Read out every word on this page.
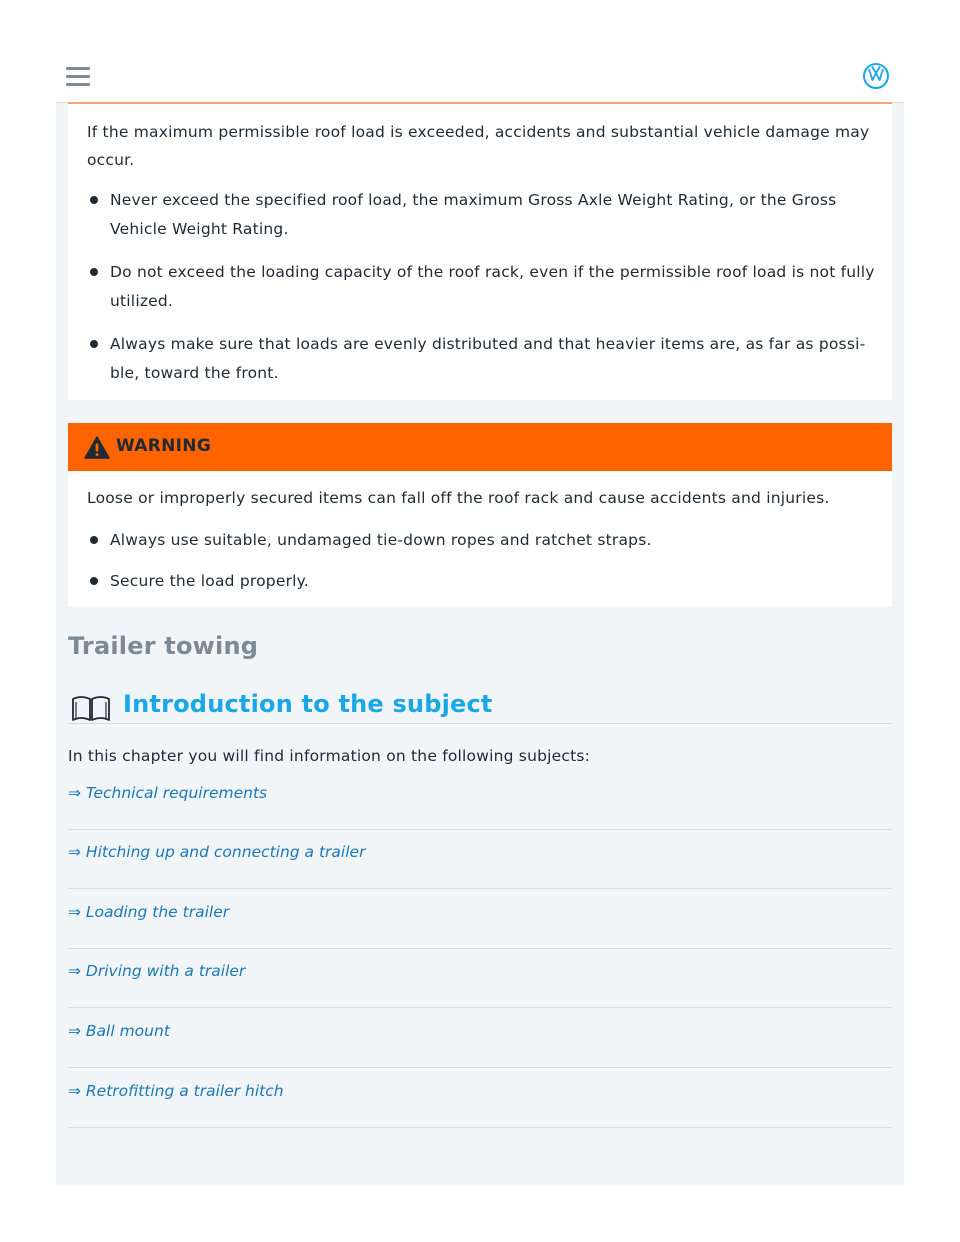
If the maximum permissible roof load is exceeded, accidents and substantial vehicle damage may occur.

Never exceed the specified roof load, the maximum Gross Axle Weight Rating, or the Gross Vehicle Weight Rating.
Do not exceed the loading capacity of the roof rack, even if the permissible roof load is not fully utilized.
Always make sure that loads are evenly distributed and that heavier items are, as far as possi-ble, toward the front.
WARNING

Loose or improperly secured items can fall off the roof rack and cause accidents and injuries.

Always use suitable, undamaged tie-down ropes and ratchet straps.
Secure the load properly.
Trailer towing
Introduction to the subject

In this chapter you will find information on the following subjects:

⇒ Technical requirements
⇒ Hitching up and connecting a trailer
⇒ Loading the trailer
⇒ Driving with a trailer
⇒ Ball mount
⇒ Retrofitting a trailer hitch
